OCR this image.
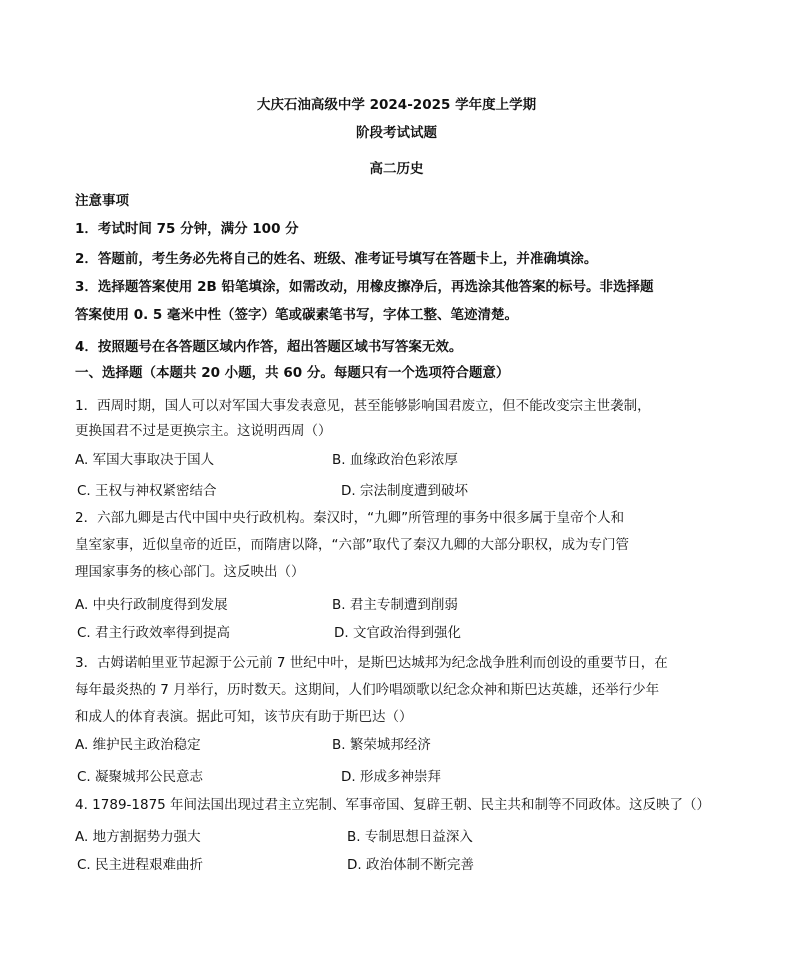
大庆石油高级中学 2024-2025 学年度上学期
阶段考试试题
高二历史
注意事项
1．考试时间 75 分钟，满分 100 分
2．答题前，考生务必先将自己的姓名、班级、准考证号填写在答题卡上，并准确填涂。
3．选择题答案使用 2B 铅笔填涂，如需改动，用橡皮擦净后，再选涂其他答案的标号。非选择题
答案使用 0. 5 毫米中性（签字）笔或碳素笔书写，字体工整、笔迹清楚。
4．按照题号在各答题区域内作答，超出答题区域书写答案无效。
一、选择题（本题共 20 小题，共 60 分。每题只有一个选项符合题意）
1．西周时期，国人可以对军国大事发表意见，甚至能够影响国君废立，但不能改变宗主世袭制，
更换国君不过是更换宗主。这说明西周（）
A. 军国大事取决于国人	B. 血缘政治色彩浓厚
C. 王权与神权紧密结合	D. 宗法制度遭到破坏
2．六部九卿是古代中国中央行政机构。秦汉时，“九卿”所管理的事务中很多属于皇帝个人和
皇室家事，近似皇帝的近臣，而隋唐以降，“六部”取代了秦汉九卿的大部分职权，成为专门管
理国家事务的核心部门。这反映出（）
A. 中央行政制度得到发展	B. 君主专制遭到削弱
C. 君主行政效率得到提高	D. 文官政治得到强化
3．古姆诺帕里亚节起源于公元前 7 世纪中叶，是斯巴达城邦为纪念战争胜利而创设的重要节日，在
每年最炎热的 7 月举行，历时数天。这期间，人们吟唱颂歌以纪念众神和斯巴达英雄，还举行少年
和成人的体育表演。据此可知，该节庆有助于斯巴达（）
A. 维护民主政治稳定	B. 繁荣城邦经济
C. 凝聚城邦公民意志	D. 形成多神崇拜
4. 1789-1875 年间法国出现过君主立宪制、军事帝国、复辟王朝、民主共和制等不同政体。这反映了（）
A. 地方割据势力强大	B. 专制思想日益深入
C. 民主进程艰难曲折	D. 政治体制不断完善
